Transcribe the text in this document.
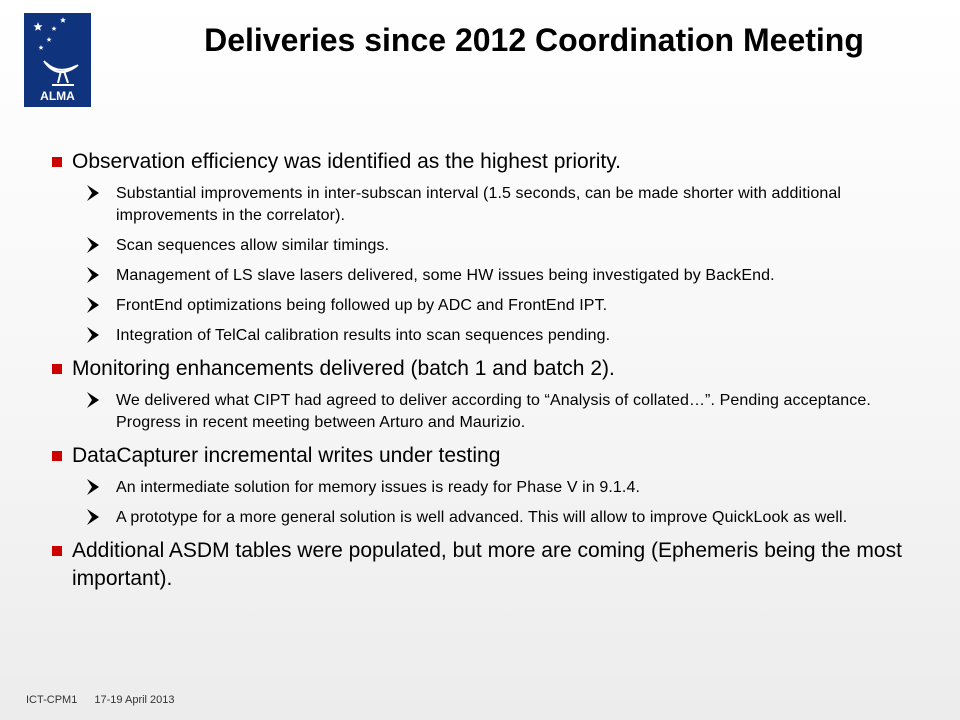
ALMA
Deliveries since 2012 Coordination Meeting
Observation efficiency was identified as the highest priority.
Substantial improvements in inter-subscan interval (1.5 seconds, can be made shorter with additional improvements in the correlator).
Scan sequences allow similar timings.
Management of LS slave lasers delivered, some HW issues being investigated by BackEnd.
FrontEnd optimizations being followed up by ADC and FrontEnd IPT.
Integration of TelCal calibration results into scan sequences pending.
Monitoring enhancements delivered (batch 1 and batch 2).
We delivered what CIPT had agreed to deliver according to “Analysis of collated…”. Pending acceptance. Progress in recent meeting between Arturo and Maurizio.
DataCapturer incremental writes under testing
An intermediate solution for memory issues is ready for Phase V in 9.1.4.
A prototype for a more general solution is well advanced. This will allow to improve QuickLook as well.
Additional ASDM tables were populated, but more are coming (Ephemeris being the most important).
ICT-CPM1 17-19 April 2013
